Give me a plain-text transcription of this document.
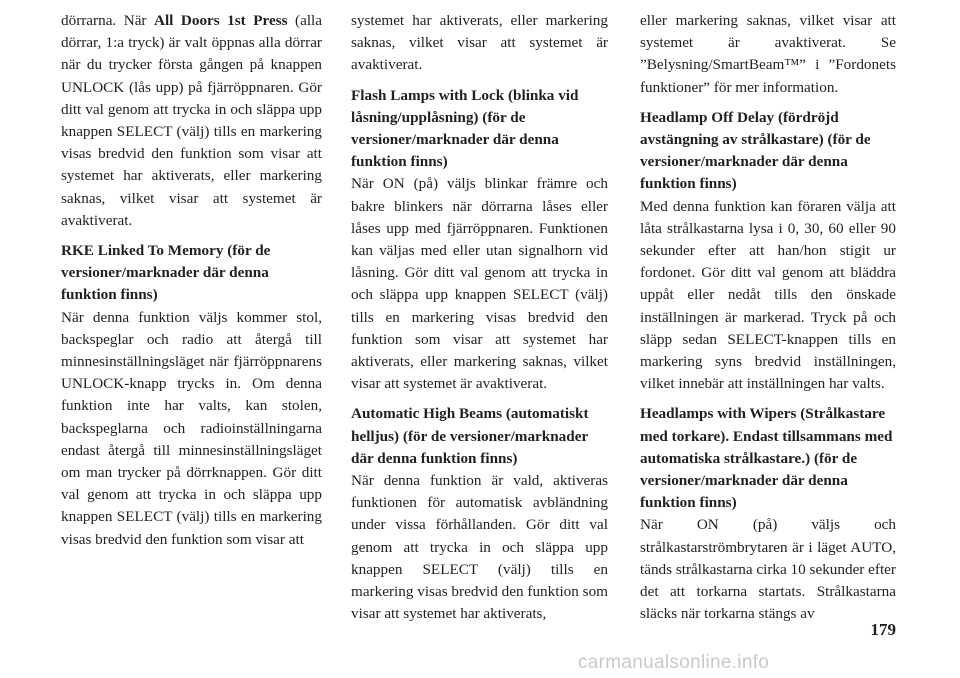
dörrarna. När All Doors 1st Press (alla dörrar, 1:a tryck) är valt öppnas alla dörrar när du trycker första gången på knappen UNLOCK (lås upp) på fjärröppnaren. Gör ditt val genom att trycka in och släppa upp knappen SELECT (välj) tills en markering visas bredvid den funktion som visar att systemet har aktiverats, eller markering saknas, vilket visar att systemet är avaktiverat.

RKE Linked To Memory (för de versioner/marknader där denna funktion finns)
När denna funktion väljs kommer stol, backspeglar och radio att återgå till minnesinställningsläget när fjärröppnarens UNLOCK-knapp trycks in. Om denna funktion inte har valts, kan stolen, backspeglarna och radioinställningarna endast återgå till minnesinställningsläget om man trycker på dörrknappen. Gör ditt val genom att trycka in och släppa upp knappen SELECT (välj) tills en markering visas bredvid den funktion som visar att

systemet har aktiverats, eller markering saknas, vilket visar att systemet är avaktiverat.

Flash Lamps with Lock (blinka vid låsning/upplåsning) (för de versioner/marknader där denna funktion finns)
När ON (på) väljs blinkar främre och bakre blinkers när dörrarna låses eller låses upp med fjärröppnaren. Funktionen kan väljas med eller utan signalhorn vid låsning. Gör ditt val genom att trycka in och släppa upp knappen SELECT (välj) tills en markering visas bredvid den funktion som visar att systemet har aktiverats, eller markering saknas, vilket visar att systemet är avaktiverat.

Automatic High Beams (automatiskt helljus) (för de versioner/marknader där denna funktion finns)
När denna funktion är vald, aktiveras funktionen för automatisk avbländning under vissa förhållanden. Gör ditt val genom att trycka in och släppa upp knappen SELECT (välj) tills en markering visas bredvid den funktion som visar att systemet har aktiverats,

eller markering saknas, vilket visar att systemet är avaktiverat. Se ”Belysning/SmartBeam™” i ”Fordonets funktioner” för mer information.

Headlamp Off Delay (fördröjd avstängning av strålkastare) (för de versioner/marknader där denna funktion finns)
Med denna funktion kan föraren välja att låta strålkastarna lysa i 0, 30, 60 eller 90 sekunder efter att han/hon stigit ur fordonet. Gör ditt val genom att bläddra uppåt eller nedåt tills den önskade inställningen är markerad. Tryck på och släpp sedan SELECT-knappen tills en markering syns bredvid inställningen, vilket innebär att inställningen har valts.

Headlamps with Wipers (Strålkastare med torkare). Endast tillsammans med automatiska strålkastare.) (för de versioner/marknader där denna funktion finns)
När ON (på) väljs och strålkastarströmbrytaren är i läget AUTO, tänds strålkastarna cirka 10 sekunder efter det att torkarna startats. Strålkastarna släcks när torkarna stängs av

179
carmanualsonline.info
